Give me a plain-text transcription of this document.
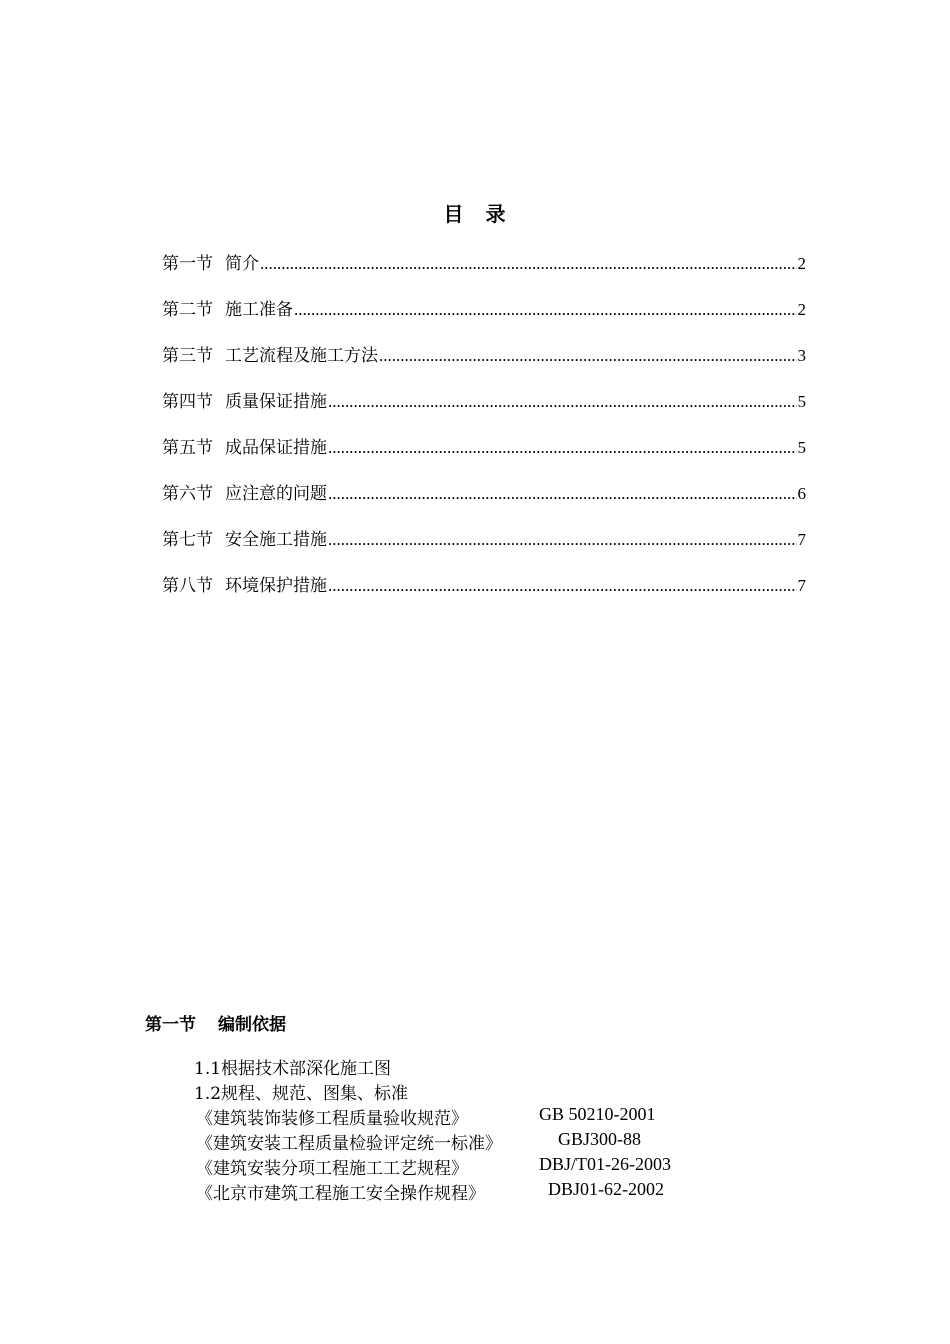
目　录
第一节 简介 .....	2
第二节 施工准备 .....	2
第三节 工艺流程及施工方法 .....	3
第四节 质量保证措施 .....	5
第五节 成品保证措施 .....	5
第六节 应注意的问题 .....	6
第七节 安全施工措施 .....	7
第八节 环境保护措施 .....	7
第一节 编制依据
1.1根据技术部深化施工图
1.2规程、规范、图集、标准
《建筑装饰装修工程质量验收规范》	GB 50210-2001
《建筑安装工程质量检验评定统一标准》	GBJ300-88
《建筑安装分项工程施工工艺规程》	DBJ/T01-26-2003
《北京市建筑工程施工安全操作规程》	DBJ01-62-2002
